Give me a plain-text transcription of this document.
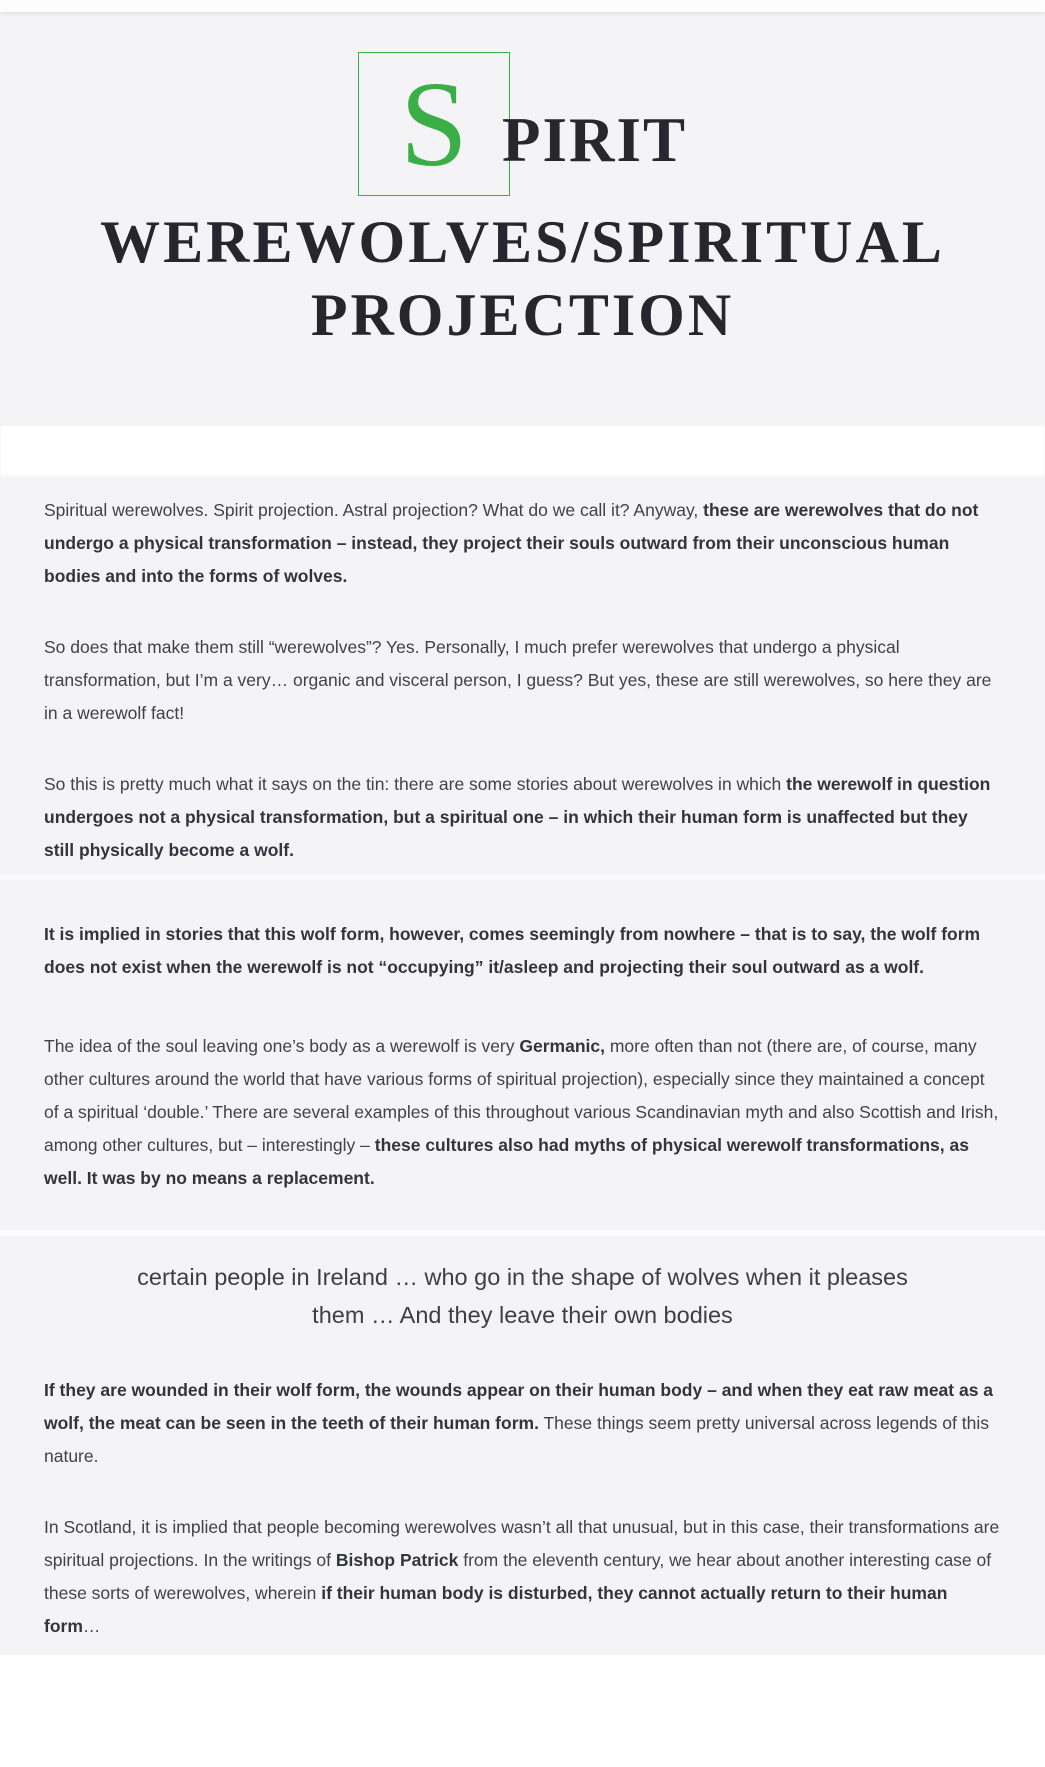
S PIRIT
WEREWOLVES/SPIRITUAL PROJECTION

Spiritual werewolves. Spirit projection. Astral projection? What do we call it? Anyway, these are werewolves that do not undergo a physical transformation – instead, they project their souls outward from their unconscious human bodies and into the forms of wolves.

So does that make them still “werewolves”? Yes. Personally, I much prefer werewolves that undergo a physical transformation, but I’m a very… organic and visceral person, I guess? But yes, these are still werewolves, so here they are in a werewolf fact!

So this is pretty much what it says on the tin: there are some stories about werewolves in which the werewolf in question undergoes not a physical transformation, but a spiritual one – in which their human form is unaffected but they still physically become a wolf.

It is implied in stories that this wolf form, however, comes seemingly from nowhere – that is to say, the wolf form does not exist when the werewolf is not “occupying” it/asleep and projecting their soul outward as a wolf.

The idea of the soul leaving one’s body as a werewolf is very Germanic, more often than not (there are, of course, many other cultures around the world that have various forms of spiritual projection), especially since they maintained a concept of a spiritual ‘double.’ There are several examples of this throughout various Scandinavian myth and also Scottish and Irish, among other cultures, but – interestingly – these cultures also had myths of physical werewolf transformations, as well. It was by no means a replacement.

certain people in Ireland … who go in the shape of wolves when it pleases them … And they leave their own bodies

If they are wounded in their wolf form, the wounds appear on their human body – and when they eat raw meat as a wolf, the meat can be seen in the teeth of their human form. These things seem pretty universal across legends of this nature.

In Scotland, it is implied that people becoming werewolves wasn’t all that unusual, but in this case, their transformations are spiritual projections. In the writings of Bishop Patrick from the eleventh century, we hear about another interesting case of these sorts of werewolves, wherein if their human body is disturbed, they cannot actually return to their human form…
